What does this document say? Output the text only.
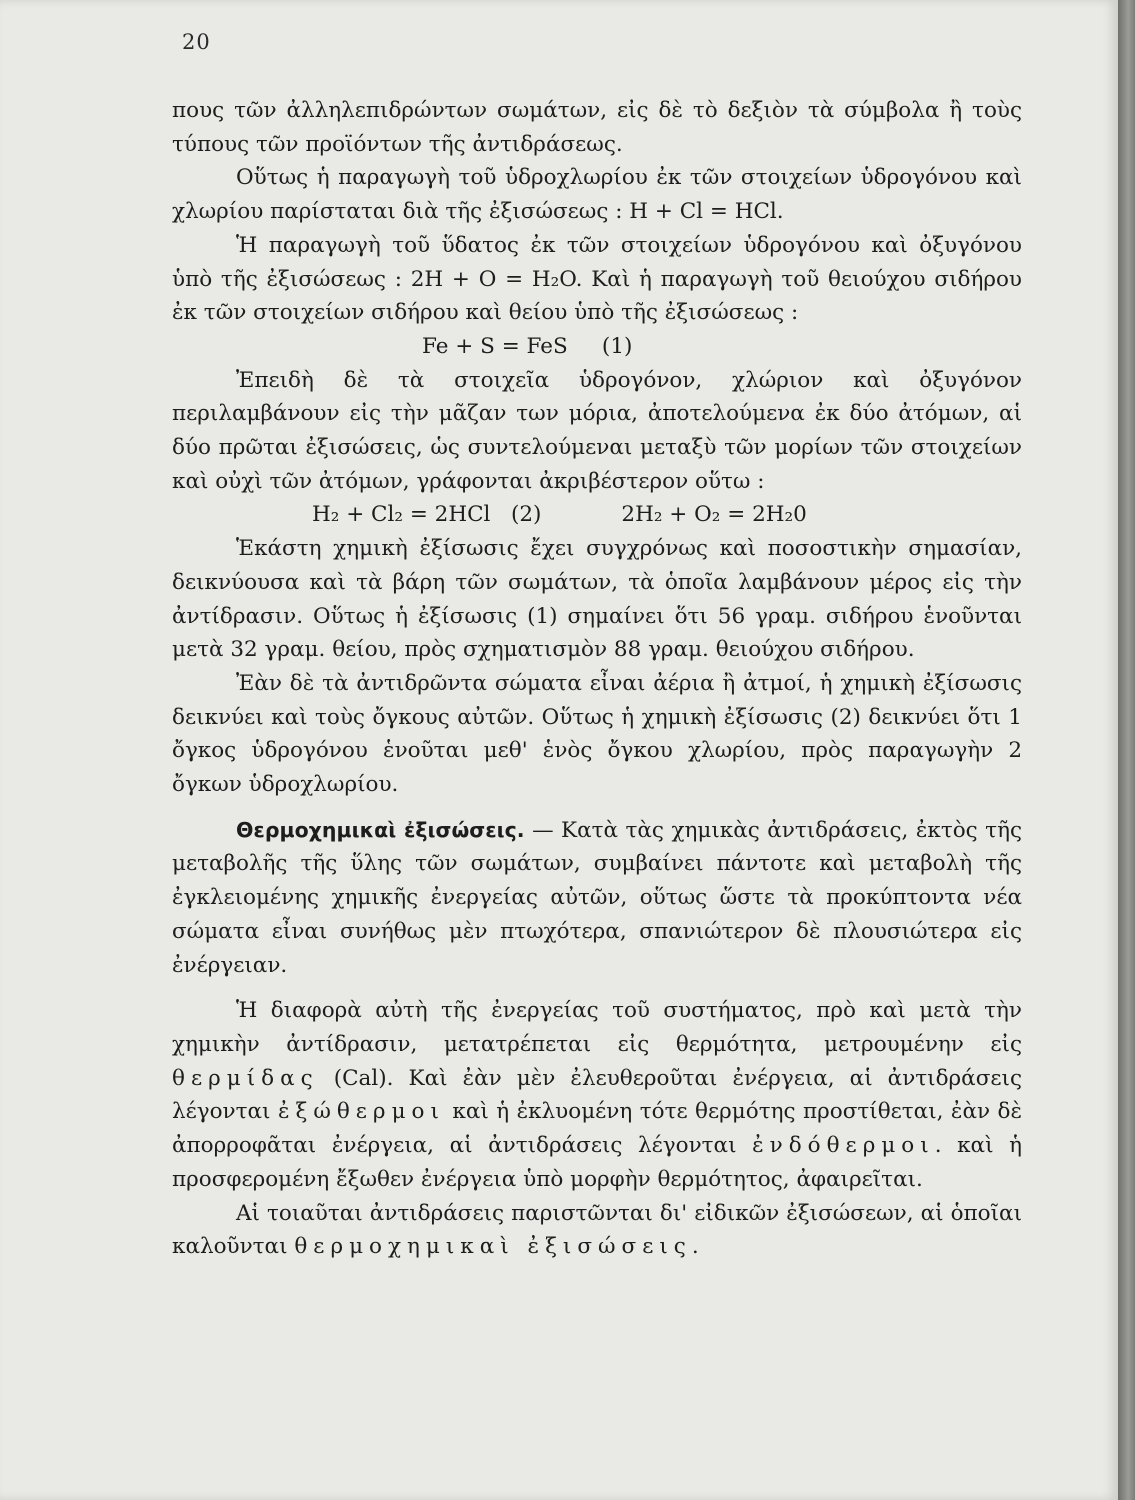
20

πους τῶν ἀλληλεπιδρώντων σωμάτων, εἰς δὲ τὸ δεξιὸν τὰ σύμβολα ἢ τοὺς τύπους τῶν προϊόντων τῆς ἀντιδράσεως.

Οὕτως ἡ παραγωγὴ τοῦ ὑδροχλωρίου ἐκ τῶν στοιχείων ὑδρογόνου καὶ χλωρίου παρίσταται διὰ τῆς ἐξισώσεως : H + Cl = HCl.

Ἡ παραγωγὴ τοῦ ὕδατος ἐκ τῶν στοιχείων ὑδρογόνου καὶ ὀξυγόνου ὑπὸ τῆς ἐξισώσεως : 2H + O = H₂O. Καὶ ἡ παραγωγὴ τοῦ θειούχου σιδήρου ἐκ τῶν στοιχείων σιδήρου καὶ θείου ὑπὸ τῆς ἐξισώσεως :

Fe + S = FeS     (1)

Ἐπειδὴ δὲ τὰ στοιχεῖα ὑδρογόνον, χλώριον καὶ ὀξυγόνον περιλαμβάνουν εἰς τὴν μᾶζαν των μόρια, ἀποτελούμενα ἐκ δύο ἀτόμων, αἱ δύο πρῶται ἐξισώσεις, ὡς συντελούμεναι μεταξὺ τῶν μορίων τῶν στοιχείων καὶ οὐχὶ τῶν ἀτόμων, γράφονται ἀκριβέστερον οὕτω :

H₂ + Cl₂ = 2HCl   (2)	2H₂ + O₂ = 2H₂0

Ἑκάστη χημικὴ ἐξίσωσις ἔχει συγχρόνως καὶ ποσοστικὴν σημασίαν, δεικνύουσα καὶ τὰ βάρη τῶν σωμάτων, τὰ ὁποῖα λαμβάνουν μέρος εἰς τὴν ἀντίδρασιν. Οὕτως ἡ ἐξίσωσις (1) σημαίνει ὅτι 56 γραμ. σιδήρου ἑνοῦνται μετὰ 32 γραμ. θείου, πρὸς σχηματισμὸν 88 γραμ. θειούχου σιδήρου.

Ἐὰν δὲ τὰ ἀντιδρῶντα σώματα εἶναι ἀέρια ἢ ἀτμοί, ἡ χημικὴ ἐξίσωσις δεικνύει καὶ τοὺς ὄγκους αὐτῶν. Οὕτως ἡ χημικὴ ἐξίσωσις (2) δεικνύει ὅτι 1 ὄγκος ὑδρογόνου ἑνοῦται μεθ' ἑνὸς ὄγκου χλωρίου, πρὸς παραγωγὴν 2 ὄγκων ὑδροχλωρίου.

Θερμοχημικαὶ ἐξισώσεις. — Κατὰ τὰς χημικὰς ἀντιδράσεις, ἐκτὸς τῆς μεταβολῆς τῆς ὕλης τῶν σωμάτων, συμβαίνει πάντοτε καὶ μεταβολὴ τῆς ἐγκλειομένης χημικῆς ἐνεργείας αὐτῶν, οὕτως ὥστε τὰ προκύπτοντα νέα σώματα εἶναι συνήθως μὲν πτωχότερα, σπανιώτερον δὲ πλουσιώτερα εἰς ἐνέργειαν.

Ἡ διαφορὰ αὐτὴ τῆς ἐνεργείας τοῦ συστήματος, πρὸ καὶ μετὰ τὴν χημικὴν ἀντίδρασιν, μετατρέπεται εἰς θερμότητα, μετρουμένην εἰς θερμίδας (Cal). Καὶ ἐὰν μὲν ἐλευθεροῦται ἐνέργεια, αἱ ἀντιδράσεις λέγονται ἐξώθερμοι καὶ ἡ ἐκλυομένη τότε θερμότης προστίθεται, ἐὰν δὲ ἀπορροφᾶται ἐνέργεια, αἱ ἀντιδράσεις λέγονται ἐνδόθερμοι. καὶ ἡ προσφερομένη ἔξωθεν ἐνέργεια ὑπὸ μορφὴν θερμότητος, ἀφαιρεῖται.

Αἱ τοιαῦται ἀντιδράσεις παριστῶνται δι' εἰδικῶν ἐξισώσεων, αἱ ὁποῖαι καλοῦνται θερμοχημικαὶ ἐξισώσεις.
